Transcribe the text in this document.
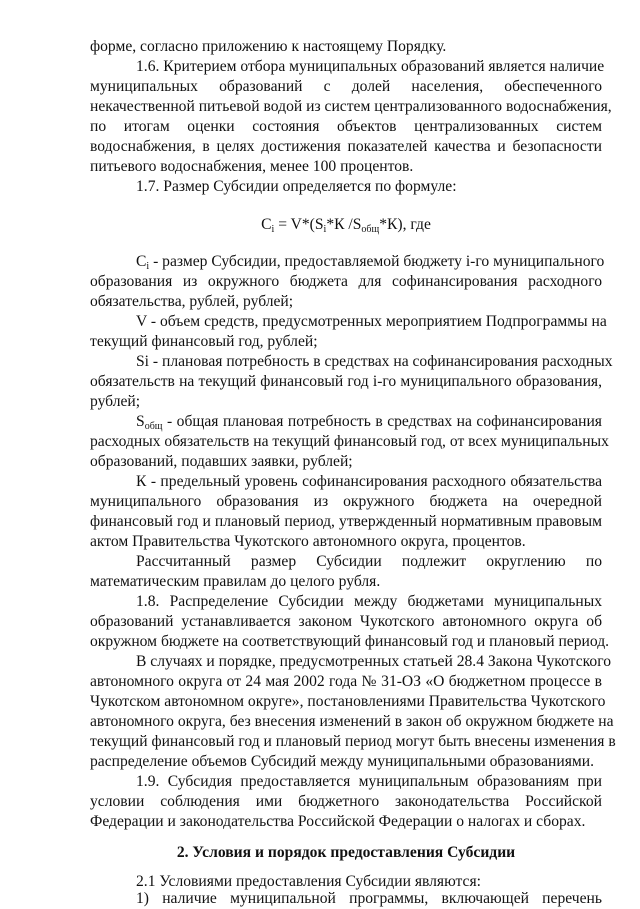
форме, согласно приложению к настоящему Порядку.

1.6. Критерием отбора муниципальных образований является наличие

муниципальных образований с долей населения, обеспеченного

некачественной питьевой водой из систем централизованного водоснабжения,

по итогам оценки состояния объектов централизованных систем

водоснабжения, в целях достижения показателей качества и безопасности

питьевого водоснабжения, менее 100 процентов.

1.7. Размер Субсидии определяется по формуле:

$C_i = V*(S_i*К$ $/S_{общ}*К$), где

$C_i$ - размер Субсидии, предоставляемой бюджету i-го муниципального

образования из окружного бюджета для софинансирования расходного

обязательства, рублей, рублей;

V - объем средств, предусмотренных мероприятием Подпрограммы на

текущий финансовый год, рублей;

Si - плановая потребность в средствах на софинансирования расходных

обязательств на текущий финансовый год i-го муниципального образования,

рублей;

$S_{общ}$ - общая плановая потребность в средствах на софинансирования

расходных обязательств на текущий финансовый год, от всех муниципальных

образований, подавших заявки, рублей;

К - предельный уровень софинансирования расходного обязательства

муниципального образования из окружного бюджета на очередной

финансовый год и плановый период, утвержденный нормативным правовым

актом Правительства Чукотского автономного округа, процентов.

Рассчитанный размер Субсидии подлежит округлению по

математическим правилам до целого рубля.

1.8. Распределение Субсидии между бюджетами муниципальных

образований устанавливается законом Чукотского автономного округа об

окружном бюджете на соответствующий финансовый год и плановый период.

В случаях и порядке, предусмотренных статьей 28.4 Закона Чукотского

автономного округа от 24 мая 2002 года № 31-ОЗ «О бюджетном процессе в

Чукотском автономном округе», постановлениями Правительства Чукотского

автономного округа, без внесения изменений в закон об окружном бюджете на

текущий финансовый год и плановый период могут быть внесены изменения в

распределение объемов Субсидий между муниципальными образованиями.

1.9. Субсидия предоставляется муниципальным образованиям при

условии соблюдения ими бюджетного законодательства Российской

Федерации и законодательства Российской Федерации о налогах и сборах.

2. Условия и порядок предоставления Субсидии

2.1 Условиями предоставления Субсидии являются:

1) наличие муниципальной программы, включающей перечень
